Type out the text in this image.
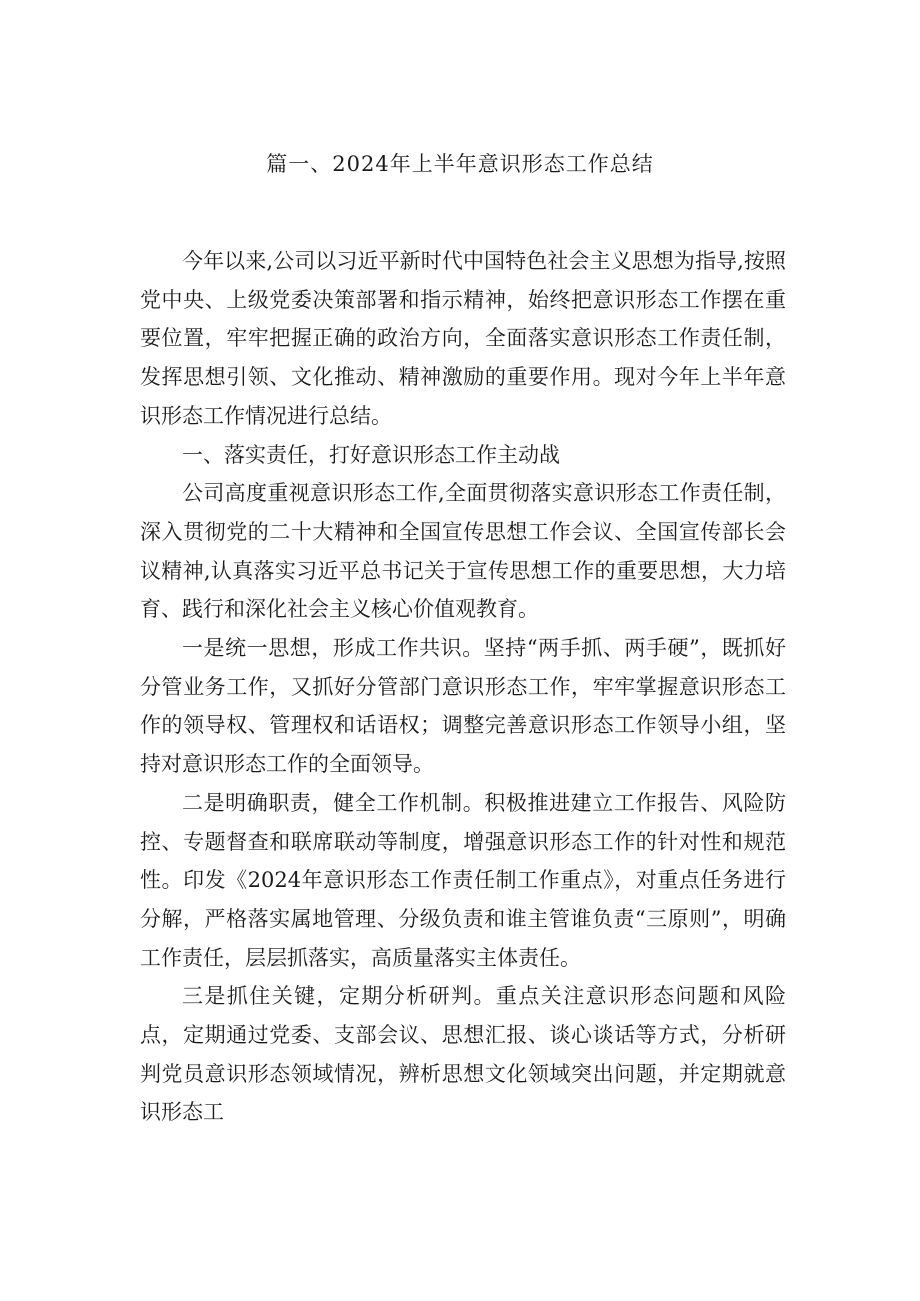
篇一、2024年上半年意识形态工作总结

今年以来,公司以习近平新时代中国特色社会主义思想为指导,按照党中央、上级党委决策部署和指示精神，始终把意识形态工作摆在重要位置，牢牢把握正确的政治方向，全面落实意识形态工作责任制，发挥思想引领、文化推动、精神激励的重要作用。现对今年上半年意识形态工作情况进行总结。

一、落实责任，打好意识形态工作主动战

公司高度重视意识形态工作,全面贯彻落实意识形态工作责任制，深入贯彻党的二十大精神和全国宣传思想工作会议、全国宣传部长会议精神,认真落实习近平总书记关于宣传思想工作的重要思想，大力培育、践行和深化社会主义核心价值观教育。

一是统一思想，形成工作共识。坚持“两手抓、两手硬”，既抓好分管业务工作，又抓好分管部门意识形态工作，牢牢掌握意识形态工作的领导权、管理权和话语权；调整完善意识形态工作领导小组，坚持对意识形态工作的全面领导。

二是明确职责，健全工作机制。积极推进建立工作报告、风险防控、专题督查和联席联动等制度，增强意识形态工作的针对性和规范性。印发《2024年意识形态工作责任制工作重点》，对重点任务进行分解，严格落实属地管理、分级负责和谁主管谁负责“三原则”，明确工作责任，层层抓落实，高质量落实主体责任。

三是抓住关键，定期分析研判。重点关注意识形态问题和风险点，定期通过党委、支部会议、思想汇报、谈心谈话等方式，分析研判党员意识形态领域情况，辨析思想文化领域突出问题，并定期就意识形态工
